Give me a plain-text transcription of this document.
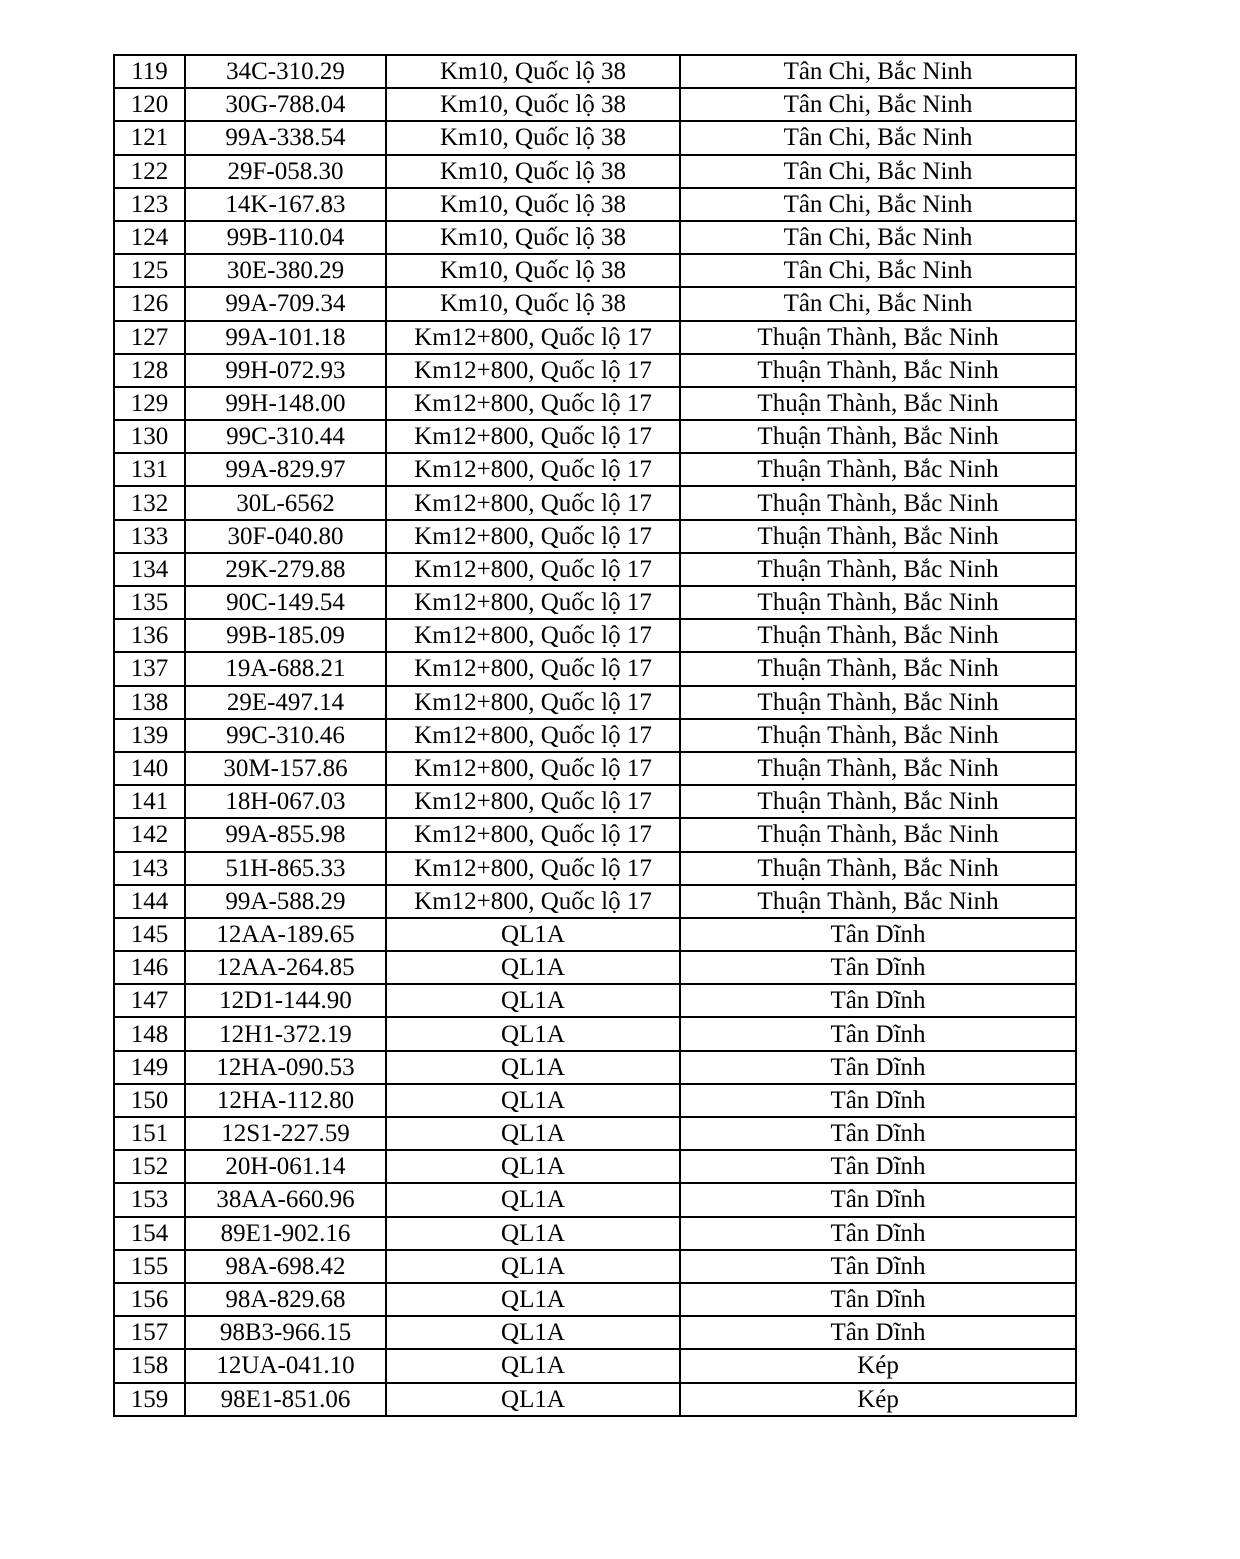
119	34C-310.29	Km10, Quốc lộ 38	Tân Chi, Bắc Ninh
120	30G-788.04	Km10, Quốc lộ 38	Tân Chi, Bắc Ninh
121	99A-338.54	Km10, Quốc lộ 38	Tân Chi, Bắc Ninh
122	29F-058.30	Km10, Quốc lộ 38	Tân Chi, Bắc Ninh
123	14K-167.83	Km10, Quốc lộ 38	Tân Chi, Bắc Ninh
124	99B-110.04	Km10, Quốc lộ 38	Tân Chi, Bắc Ninh
125	30E-380.29	Km10, Quốc lộ 38	Tân Chi, Bắc Ninh
126	99A-709.34	Km10, Quốc lộ 38	Tân Chi, Bắc Ninh
127	99A-101.18	Km12+800, Quốc lộ 17	Thuận Thành, Bắc Ninh
128	99H-072.93	Km12+800, Quốc lộ 17	Thuận Thành, Bắc Ninh
129	99H-148.00	Km12+800, Quốc lộ 17	Thuận Thành, Bắc Ninh
130	99C-310.44	Km12+800, Quốc lộ 17	Thuận Thành, Bắc Ninh
131	99A-829.97	Km12+800, Quốc lộ 17	Thuận Thành, Bắc Ninh
132	30L-6562	Km12+800, Quốc lộ 17	Thuận Thành, Bắc Ninh
133	30F-040.80	Km12+800, Quốc lộ 17	Thuận Thành, Bắc Ninh
134	29K-279.88	Km12+800, Quốc lộ 17	Thuận Thành, Bắc Ninh
135	90C-149.54	Km12+800, Quốc lộ 17	Thuận Thành, Bắc Ninh
136	99B-185.09	Km12+800, Quốc lộ 17	Thuận Thành, Bắc Ninh
137	19A-688.21	Km12+800, Quốc lộ 17	Thuận Thành, Bắc Ninh
138	29E-497.14	Km12+800, Quốc lộ 17	Thuận Thành, Bắc Ninh
139	99C-310.46	Km12+800, Quốc lộ 17	Thuận Thành, Bắc Ninh
140	30M-157.86	Km12+800, Quốc lộ 17	Thuận Thành, Bắc Ninh
141	18H-067.03	Km12+800, Quốc lộ 17	Thuận Thành, Bắc Ninh
142	99A-855.98	Km12+800, Quốc lộ 17	Thuận Thành, Bắc Ninh
143	51H-865.33	Km12+800, Quốc lộ 17	Thuận Thành, Bắc Ninh
144	99A-588.29	Km12+800, Quốc lộ 17	Thuận Thành, Bắc Ninh
145	12AA-189.65	QL1A	Tân Dĩnh
146	12AA-264.85	QL1A	Tân Dĩnh
147	12D1-144.90	QL1A	Tân Dĩnh
148	12H1-372.19	QL1A	Tân Dĩnh
149	12HA-090.53	QL1A	Tân Dĩnh
150	12HA-112.80	QL1A	Tân Dĩnh
151	12S1-227.59	QL1A	Tân Dĩnh
152	20H-061.14	QL1A	Tân Dĩnh
153	38AA-660.96	QL1A	Tân Dĩnh
154	89E1-902.16	QL1A	Tân Dĩnh
155	98A-698.42	QL1A	Tân Dĩnh
156	98A-829.68	QL1A	Tân Dĩnh
157	98B3-966.15	QL1A	Tân Dĩnh
158	12UA-041.10	QL1A	Kép
159	98E1-851.06	QL1A	Kép
